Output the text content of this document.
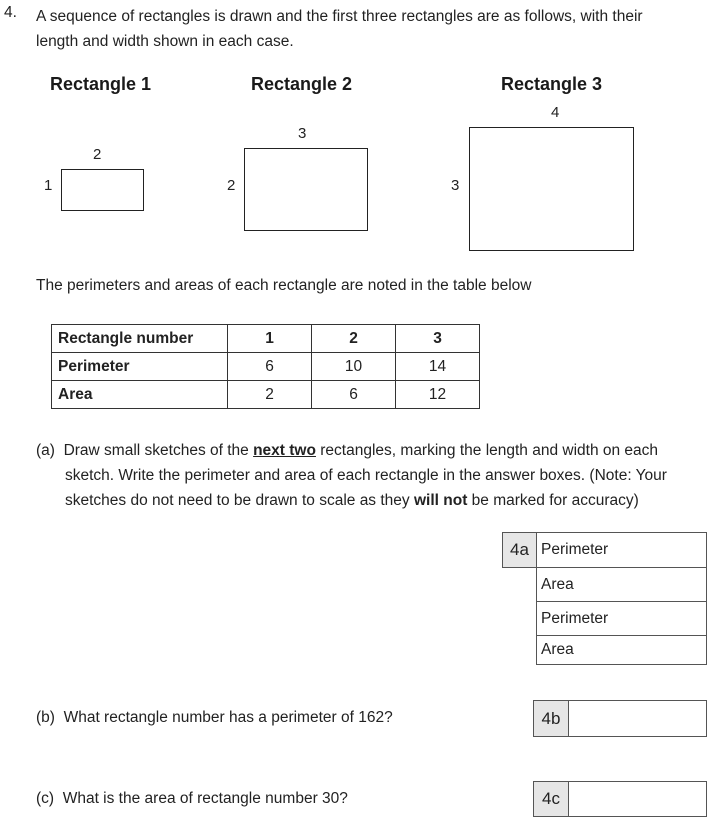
4. A sequence of rectangles is drawn and the first three rectangles are as follows, with their
length and width shown in each case.
Rectangle 1	Rectangle 2	Rectangle 3
2
1
3
2
4
3
The perimeters and areas of each rectangle are noted in the table below
Rectangle number	1	2	3
Perimeter	6	10	14
Area	2	6	12
(a) Draw small sketches of the next two rectangles, marking the length and width on each
sketch. Write the perimeter and area of each rectangle in the answer boxes. (Note: Your
sketches do not need to be drawn to scale as they will not be marked for accuracy)
4a Perimeter
Area
Perimeter
Area
(b) What rectangle number has a perimeter of 162?	4b
(c) What is the area of rectangle number 30?	4c
